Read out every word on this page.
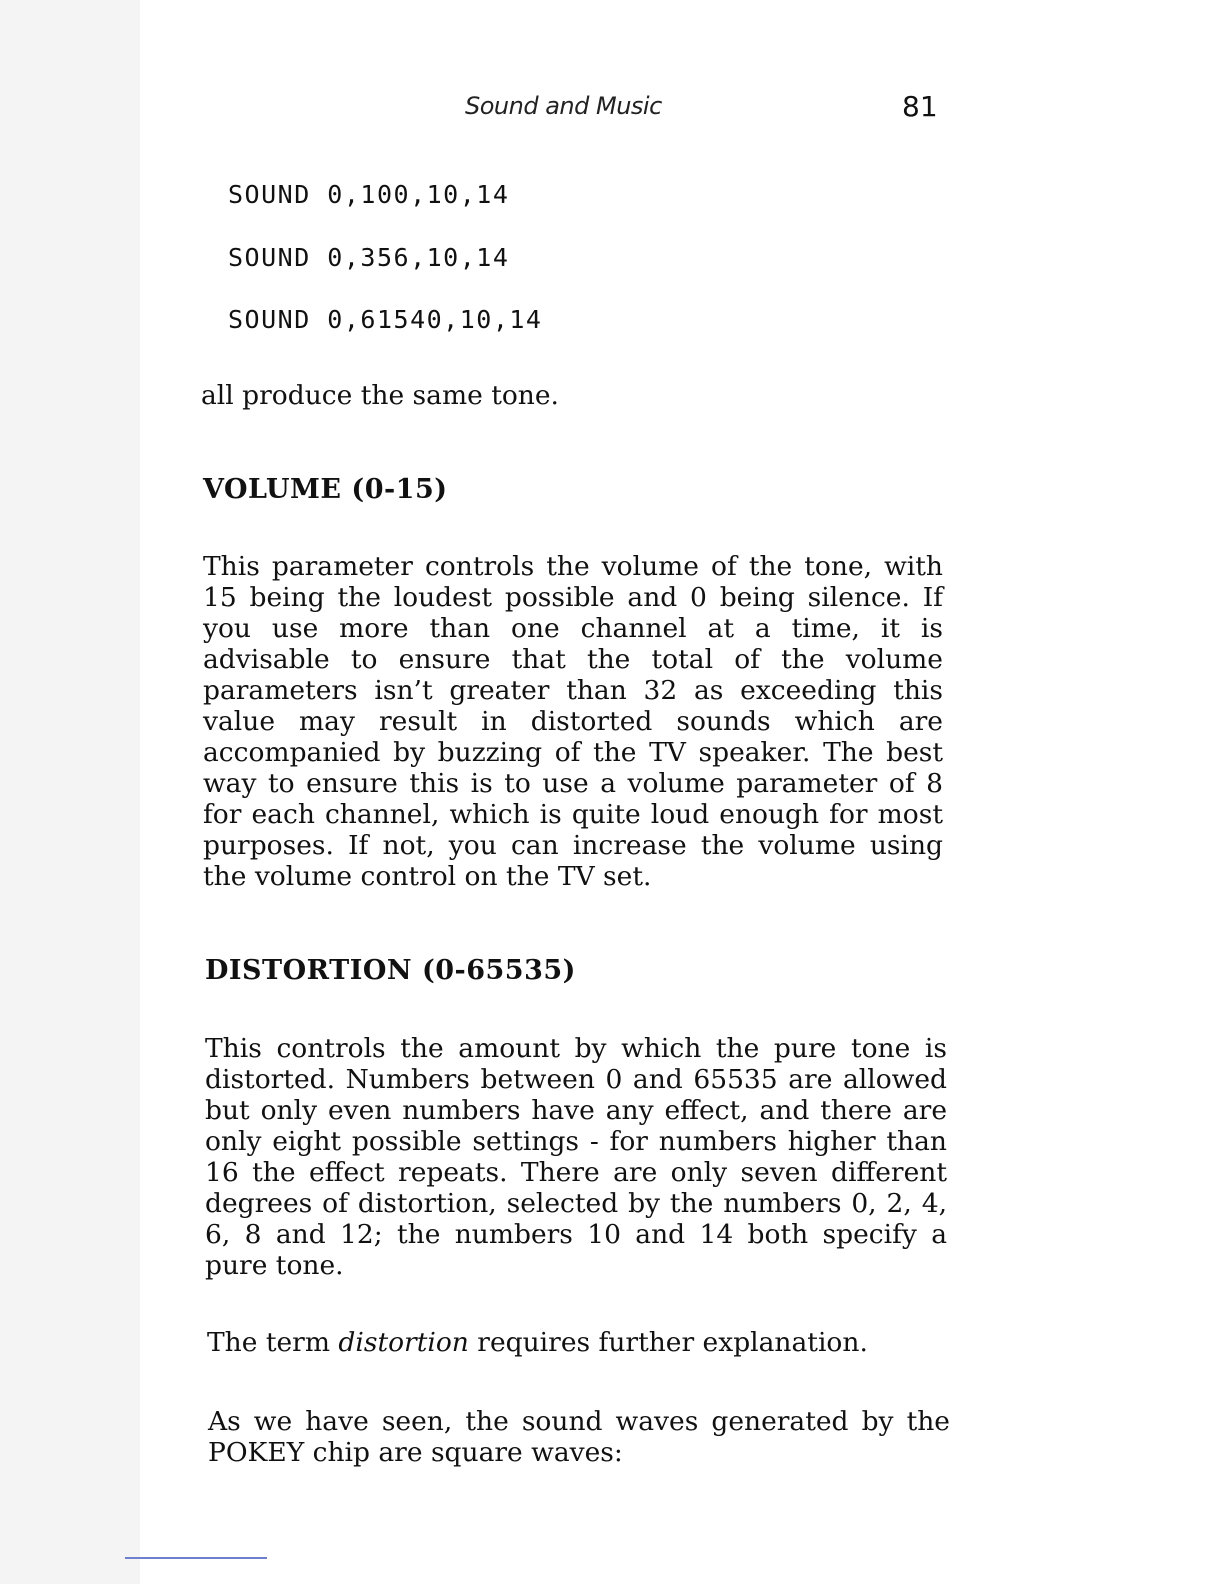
Sound and Music	81
SOUND 0,100,10,14
SOUND 0,356,10,14
SOUND 0,61540,10,14
all produce the same tone.
VOLUME (0-15)
This parameter controls the volume of the tone, with 15 being the loudest possible and 0 being silence. If you use more than one channel at a time, it is advisable to ensure that the total of the volume parameters isn’t greater than 32 as exceeding this value may result in distorted sounds which are accompanied by buzzing of the TV speaker. The best way to ensure this is to use a volume parameter of 8 for each channel, which is quite loud enough for most purposes. If not, you can increase the volume using the volume control on the TV set.
DISTORTION (0-65535)
This controls the amount by which the pure tone is distorted. Numbers between 0 and 65535 are allowed but only even numbers have any effect, and there are only eight possible settings - for numbers higher than 16 the effect repeats. There are only seven different degrees of distortion, selected by the numbers 0, 2, 4, 6, 8 and 12; the numbers 10 and 14 both specify a pure tone.
The term distortion requires further explanation.
As we have seen, the sound waves generated by the POKEY chip are square waves:
